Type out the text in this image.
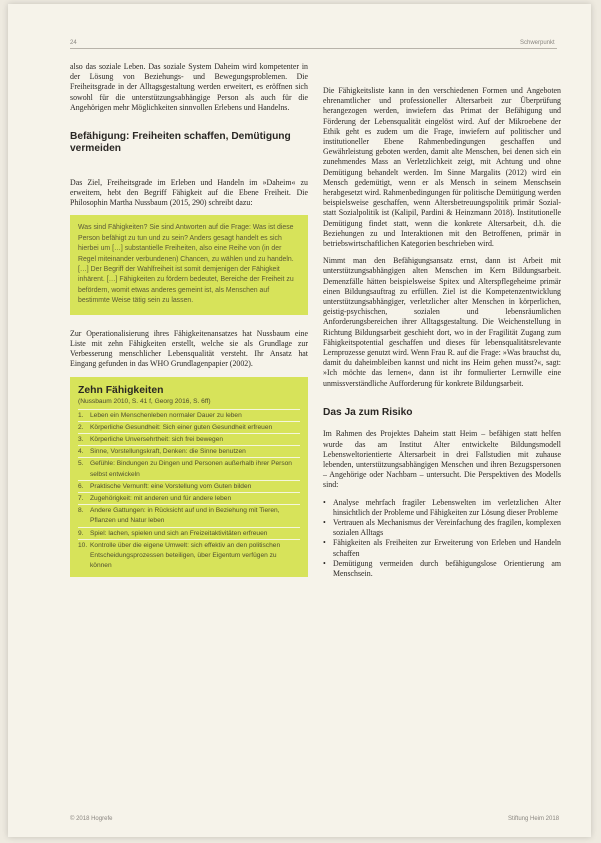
24	Schwerpunkt

also das soziale Leben. Das soziale System Daheim wird kompetenter in der Lösung von Beziehungs- und Bewegungsproblemen. Die Freiheitsgrade in der Alltagsgestaltung werden erweitert, es eröffnen sich sowohl für die unterstützungsabhängige Person als auch für die Angehörigen mehr Möglichkeiten sinnvollen Erlebens und Handelns.

Befähigung: Freiheiten schaffen, Demütigung vermeiden

Das Ziel, Freiheitsgrade im Erleben und Handeln im »Daheim« zu erweitern, hebt den Begriff Fähigkeit auf die Ebene Freiheit. Die Philosophin Martha Nussbaum (2015, 290) schreibt dazu:

Was sind Fähigkeiten? Sie sind Antworten auf die Frage: Was ist diese Person befähigt zu tun und zu sein? Anders gesagt handelt es sich hierbei um […] substantielle Freiheiten, also eine Reihe von (in der Regel miteinander verbundenen) Chancen, zu wählen und zu handeln. […] Der Begriff der Wahlfreiheit ist somit demjenigen der Fähigkeit inhärent. […] Fähigkeiten zu fördern bedeutet, Bereiche der Freiheit zu befördern, womit etwas anderes gemeint ist, als Menschen auf bestimmte Weise tätig sein zu lassen.

Zur Operationalisierung ihres Fähigkeitenansatzes hat Nussbaum eine Liste mit zehn Fähigkeiten erstellt, welche sie als Grundlage zur Verbesserung menschlicher Lebensqualität versteht. Ihr Ansatz hat Eingang gefunden in das WHO Grundlagenpapier (2002).

Zehn Fähigkeiten
(Nussbaum 2010, S. 41 f, Georg 2016, S. 6ff)
1. Leben ein Menschenleben normaler Dauer zu leben
2. Körperliche Gesundheit: Sich einer guten Gesundheit erfreuen
3. Körperliche Unversehrtheit: sich frei bewegen
4. Sinne, Vorstellungskraft, Denken: die Sinne benutzen
5. Gefühle: Bindungen zu Dingen und Personen außerhalb ihrer Person selbst entwickeln
6. Praktische Vernunft: eine Vorstellung vom Guten bilden
7. Zugehörigkeit: mit anderen und für andere leben
8. Andere Gattungen: in Rücksicht auf und in Beziehung mit Tieren, Pflanzen und Natur leben
9. Spiel: lachen, spielen und sich an Freizeitaktivitäten erfreuen
10. Kontrolle über die eigene Umwelt: sich effektiv an den politischen Entscheidungsprozessen beteiligen, über Eigentum verfügen zu können

Die Fähigkeitsliste kann in den verschiedenen Formen und Angeboten ehrenamtlicher und professioneller Altersarbeit zur Überprüfung herangezogen werden, inwiefern das Primat der Befähigung und Förderung der Lebensqualität eingelöst wird. Auf der Mikroebene der Ethik geht es zudem um die Frage, inwiefern auf politischer und institutioneller Ebene Rahmenbedingungen geschaffen und Gewährleistung geboten werden, damit alte Menschen, bei denen sich ein zunehmendes Mass an Verletzlichkeit zeigt, mit Achtung und ohne Demütigung behandelt werden. Im Sinne Margalits (2012) wird ein Mensch gedemütigt, wenn er als Mensch in seinem Menschsein herabgesetzt wird. Rahmenbedingungen für politische Demütigung werden beispielsweise geschaffen, wenn Altersbetreuungspolitik primär Sozial- statt Sozialpolitik ist (Kalipil, Pardini & Heinzmann 2018). Institutionelle Demütigung findet statt, wenn die konkrete Altersarbeit, d.h. die Beziehungen zu und Interaktionen mit den Betroffenen, primär in betriebswirtschaftlichen Kategorien beschrieben wird.

Nimmt man den Befähigungsansatz ernst, dann ist Arbeit mit unterstützungsabhängigen alten Menschen im Kern Bildungsarbeit. Demenzfälle hätten beispielsweise Spitex und Alterspflegeheime primär einen Bildungsauftrag zu erfüllen. Ziel ist die Kompetenzentwicklung unterstützungsabhängiger, verletzlicher alter Menschen in körperlichen, geistig-psychischen, sozialen und lebensräumlichen Anforderungsbereichen ihrer Alltagsgestaltung. Die Weichenstellung in Richtung Bildungsarbeit geschieht dort, wo in der Fragilität Zugang zum Fähigkeitspotential geschaffen und dieses für lebensqualitätsrelevante Lernprozesse genutzt wird. Wenn Frau R. auf die Frage: »Was brauchst du, damit du daheimbleiben kannst und nicht ins Heim gehen musst?«, sagt: »Ich möchte das lernen«, dann ist ihr formulierter Lernwille eine unmissverständliche Aufforderung für konkrete Bildungsarbeit.

Das Ja zum Risiko

Im Rahmen des Projektes Daheim statt Heim – befähigen statt helfen wurde das am Institut Alter entwickelte Bildungsmodell Lebensweltorientierte Altersarbeit in drei Fallstudien mit zuhause lebenden, unterstützungsabhängigen Menschen und ihren Bezugspersonen – Angehörige oder Nachbarn – untersucht. Die Perspektiven des Modells sind:

• Analyse mehrfach fragiler Lebenswelten im verletzlichen Alter hinsichtlich der Probleme und Fähigkeiten zur Lösung dieser Probleme
• Vertrauen als Mechanismus der Vereinfachung des fragilen, komplexen sozialen Alltags
• Fähigkeiten als Freiheiten zur Erweiterung von Erleben und Handeln schaffen
• Demütigung vermeiden durch befähigungslose Orientierung am Menschsein.
© 2018 Hogrefe	Stiftung Heim 2018
